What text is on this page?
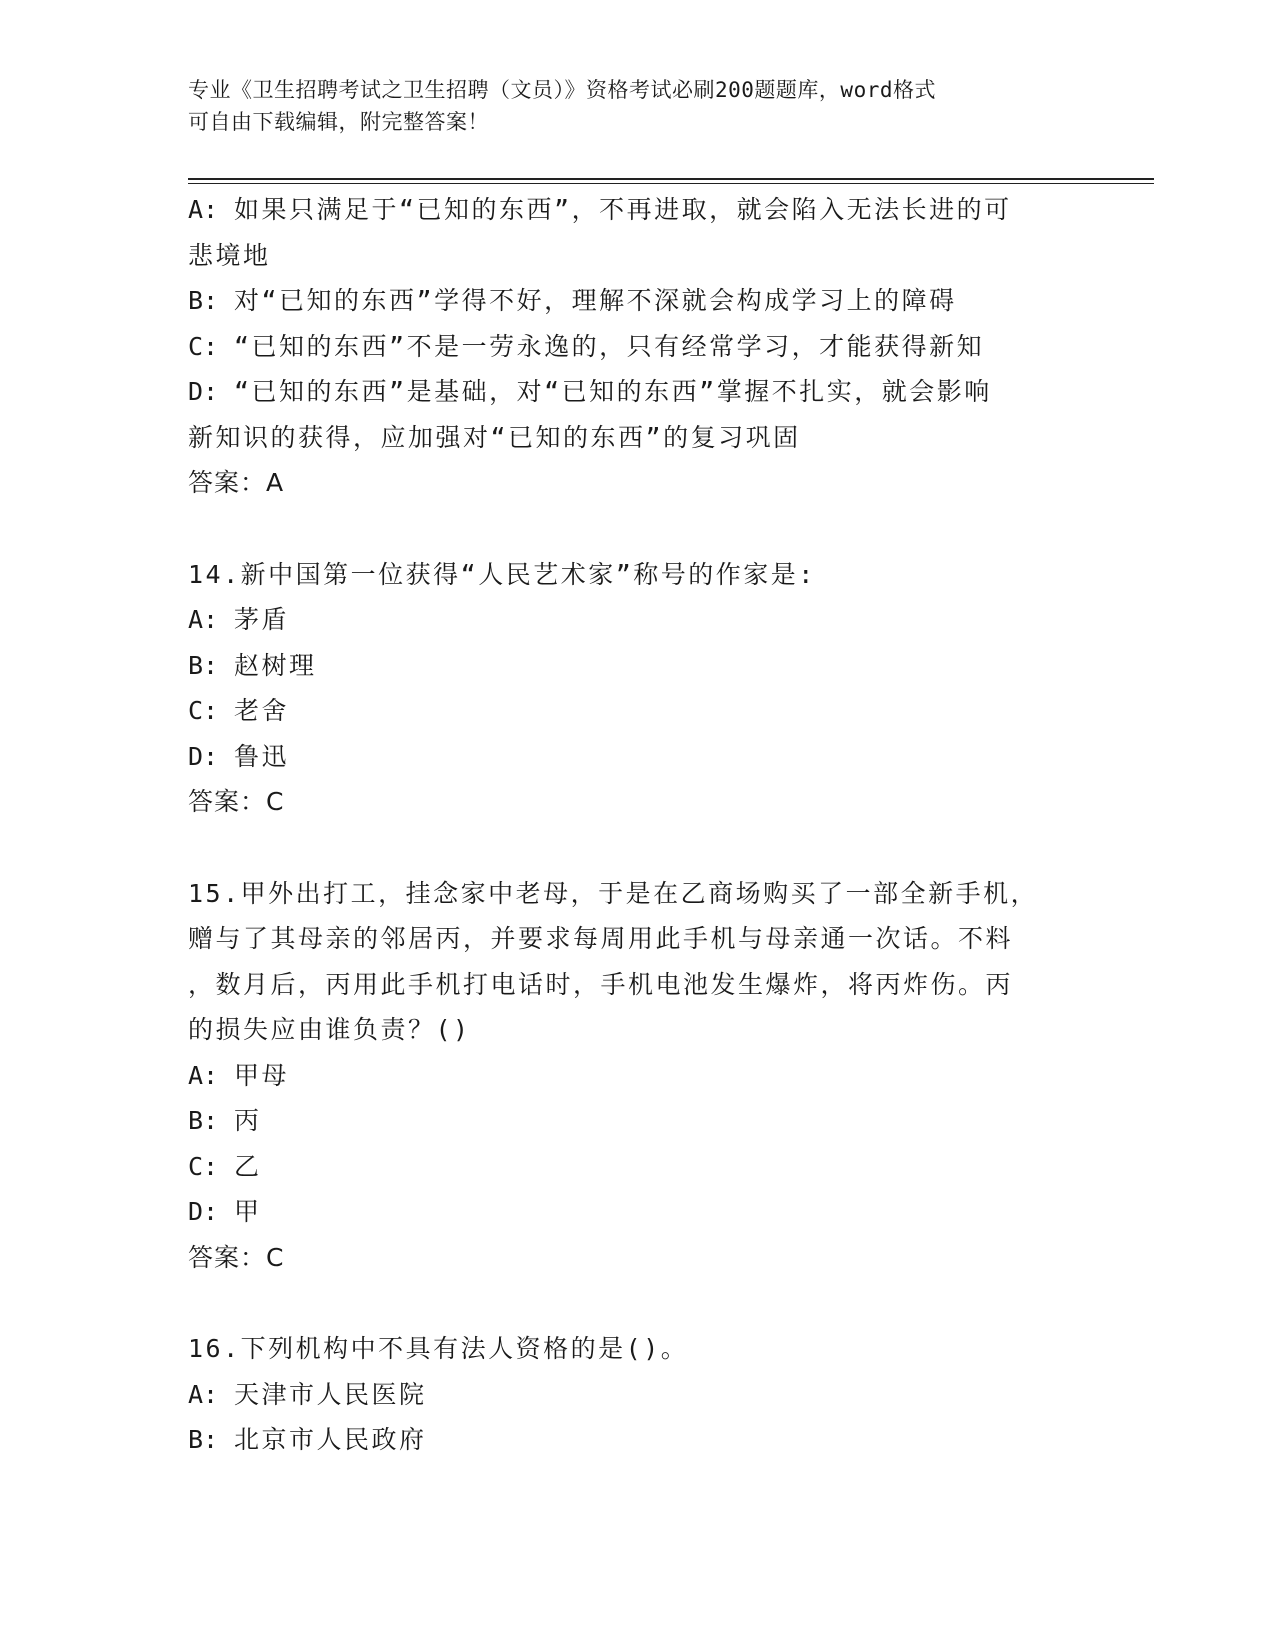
专业《卫生招聘考试之卫生招聘（文员）》资格考试必刷200题题库，word格式
可自由下载编辑，附完整答案！
A: 如果只满足于“已知的东西”，不再进取，就会陷入无法长进的可
悲境地
B: 对“已知的东西”学得不好，理解不深就会构成学习上的障碍
C: “已知的东西”不是一劳永逸的，只有经常学习，才能获得新知
D: “已知的东西”是基础，对“已知的东西”掌握不扎实，就会影响
新知识的获得，应加强对“已知的东西”的复习巩固
答案：A
14.新中国第一位获得“人民艺术家”称号的作家是:
A: 茅盾
B: 赵树理
C: 老舍
D: 鲁迅
答案：C
15.甲外出打工，挂念家中老母，于是在乙商场购买了一部全新手机，
赠与了其母亲的邻居丙，并要求每周用此手机与母亲通一次话。不料
，数月后，丙用此手机打电话时，手机电池发生爆炸，将丙炸伤。丙
的损失应由谁负责？()
A: 甲母
B: 丙
C: 乙
D: 甲
答案：C
16.下列机构中不具有法人资格的是()。
A: 天津市人民医院
B: 北京市人民政府
